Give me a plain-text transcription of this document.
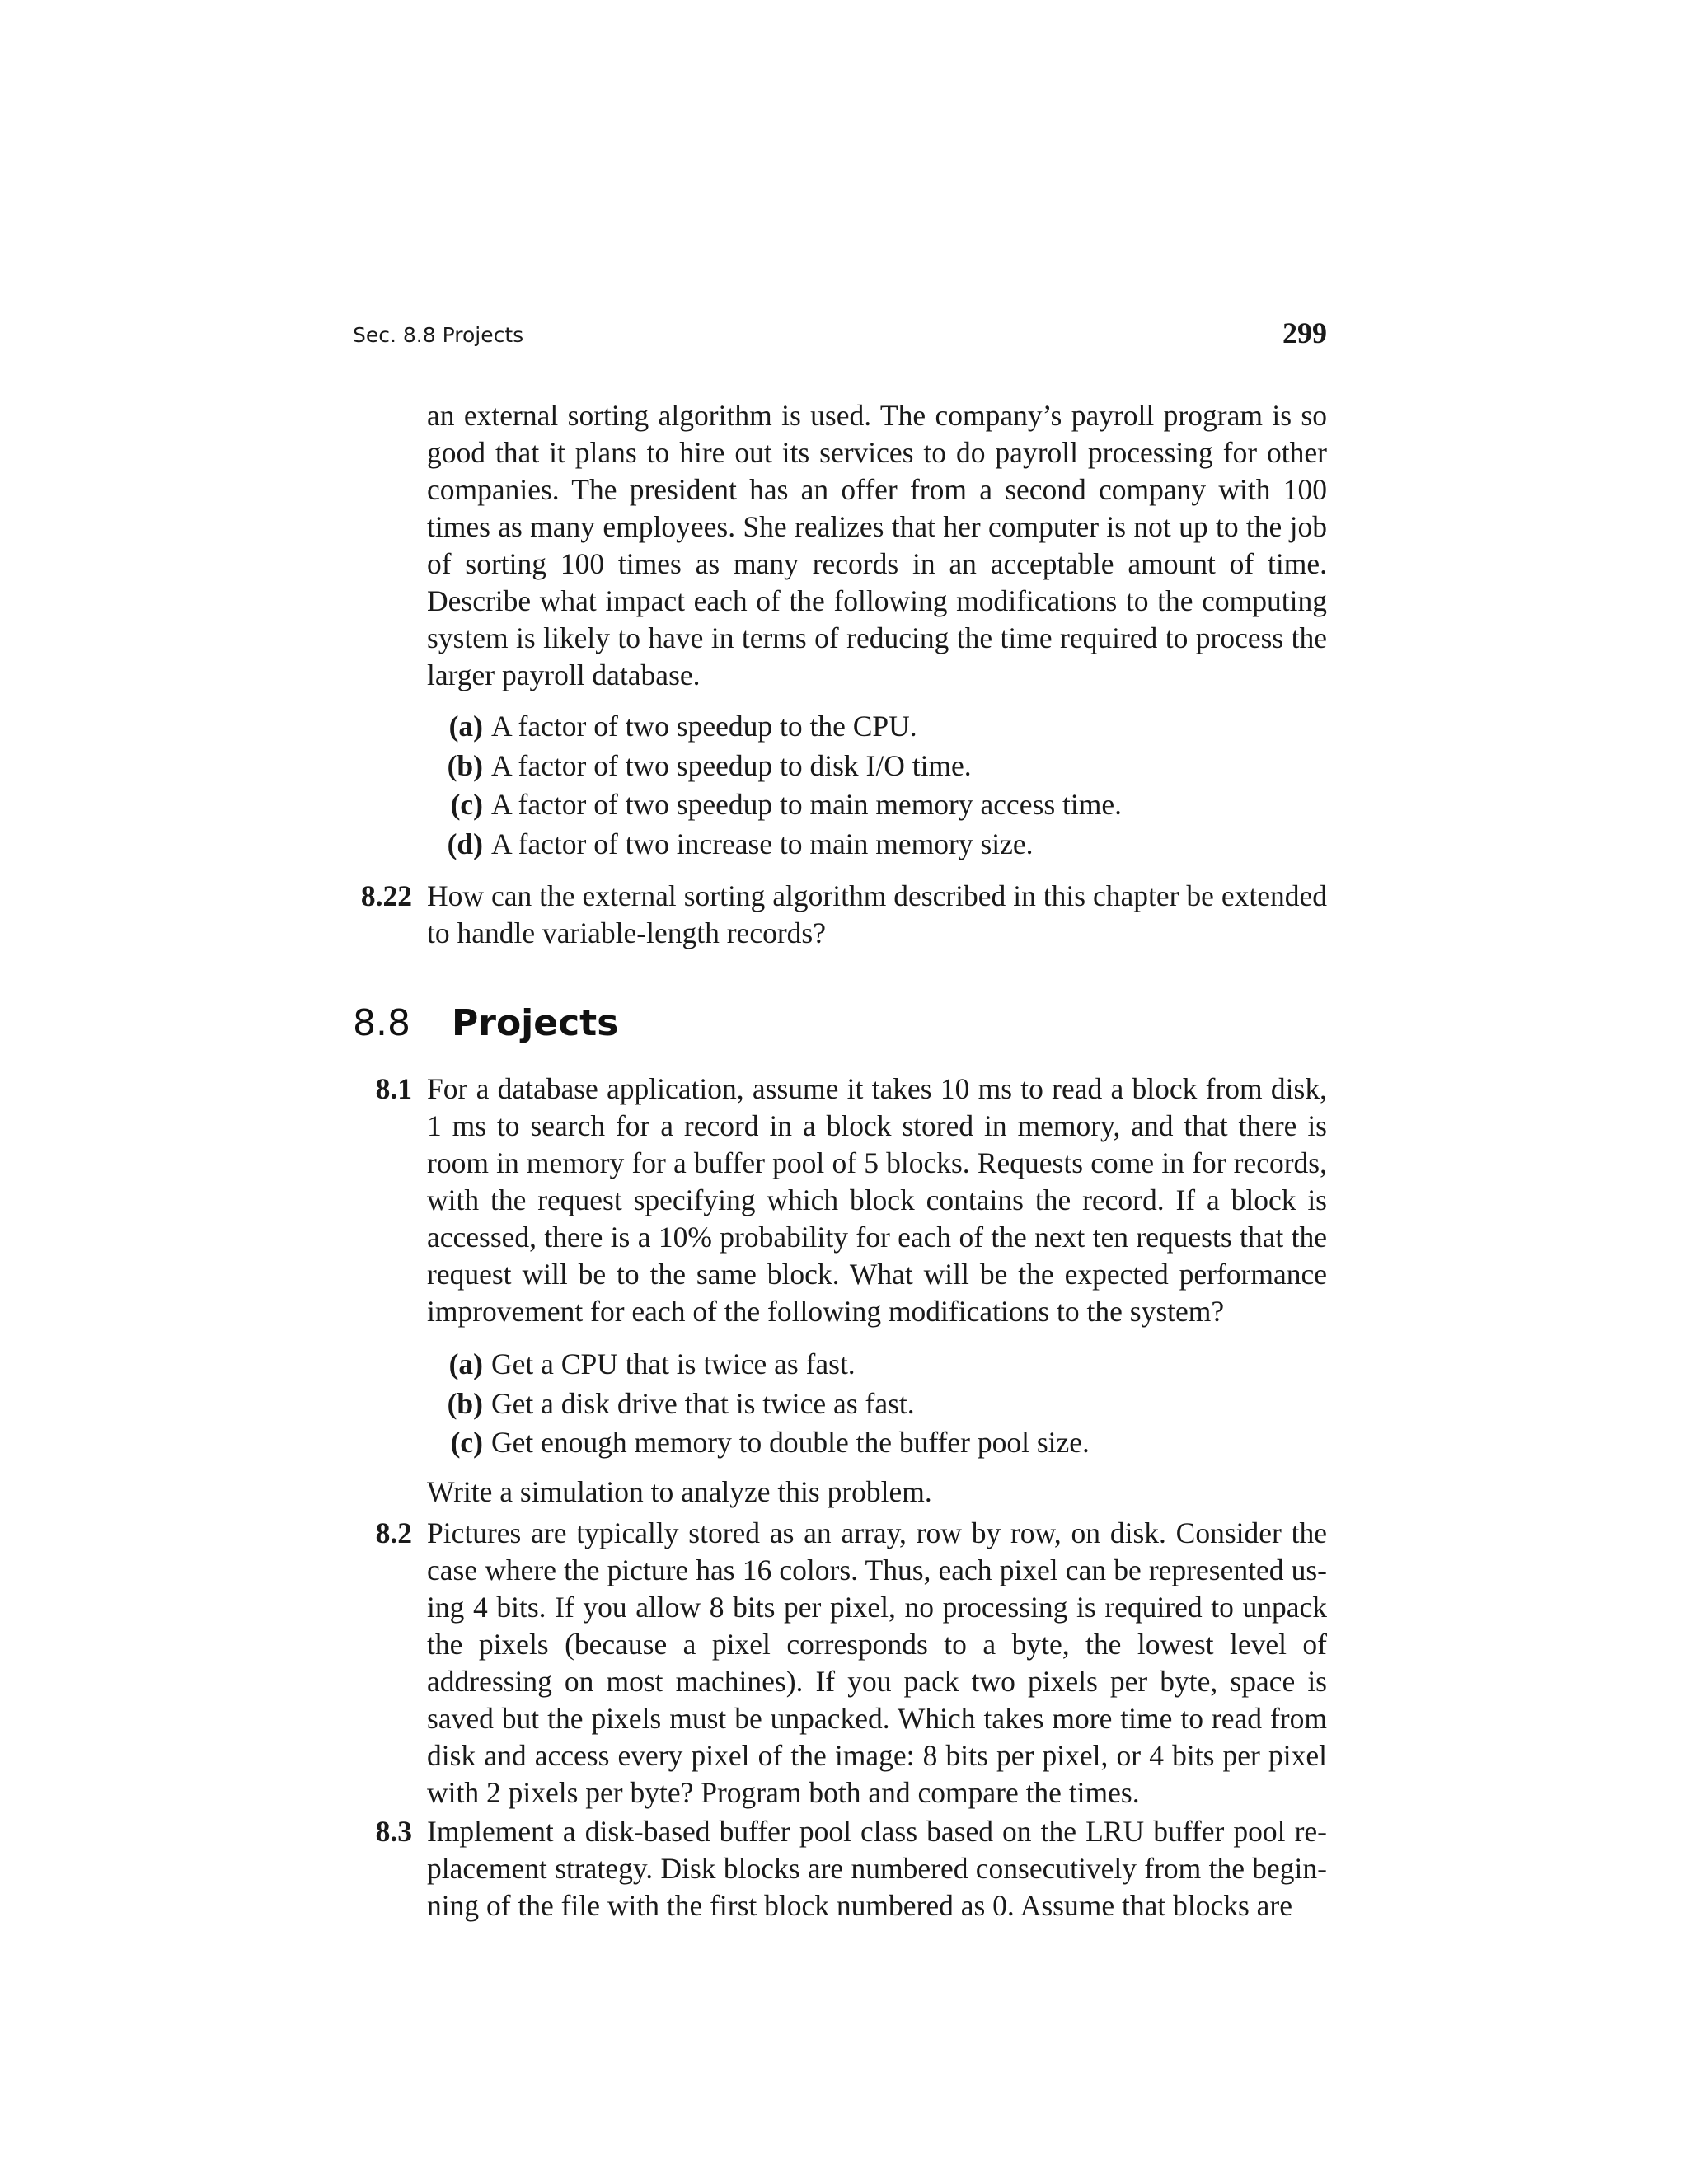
Sec. 8.8 Projects	299
an external sorting algorithm is used. The company’s payroll program is so good that it plans to hire out its services to do payroll processing for other companies. The president has an offer from a second company with 100 times as many employees. She realizes that her computer is not up to the job of sorting 100 times as many records in an acceptable amount of time. Describe what impact each of the following modifications to the computing system is likely to have in terms of reducing the time required to process the larger payroll database.
(a) A factor of two speedup to the CPU.
(b) A factor of two speedup to disk I/O time.
(c) A factor of two speedup to main memory access time.
(d) A factor of two increase to main memory size.
8.22 How can the external sorting algorithm described in this chapter be extended to handle variable-length records?
8.8 Projects
8.1 For a database application, assume it takes 10 ms to read a block from disk, 1 ms to search for a record in a block stored in memory, and that there is room in memory for a buffer pool of 5 blocks. Requests come in for records, with the request specifying which block contains the record. If a block is accessed, there is a 10% probability for each of the next ten requests that the request will be to the same block. What will be the expected performance improvement for each of the following modifications to the system?
(a) Get a CPU that is twice as fast.
(b) Get a disk drive that is twice as fast.
(c) Get enough memory to double the buffer pool size.
Write a simulation to analyze this problem.
8.2 Pictures are typically stored as an array, row by row, on disk. Consider the case where the picture has 16 colors. Thus, each pixel can be represented using 4 bits. If you allow 8 bits per pixel, no processing is required to unpack the pixels (because a pixel corresponds to a byte, the lowest level of addressing on most machines). If you pack two pixels per byte, space is saved but the pixels must be unpacked. Which takes more time to read from disk and access every pixel of the image: 8 bits per pixel, or 4 bits per pixel with 2 pixels per byte? Program both and compare the times.
8.3 Implement a disk-based buffer pool class based on the LRU buffer pool replacement strategy. Disk blocks are numbered consecutively from the beginning of the file with the first block numbered as 0. Assume that blocks are
